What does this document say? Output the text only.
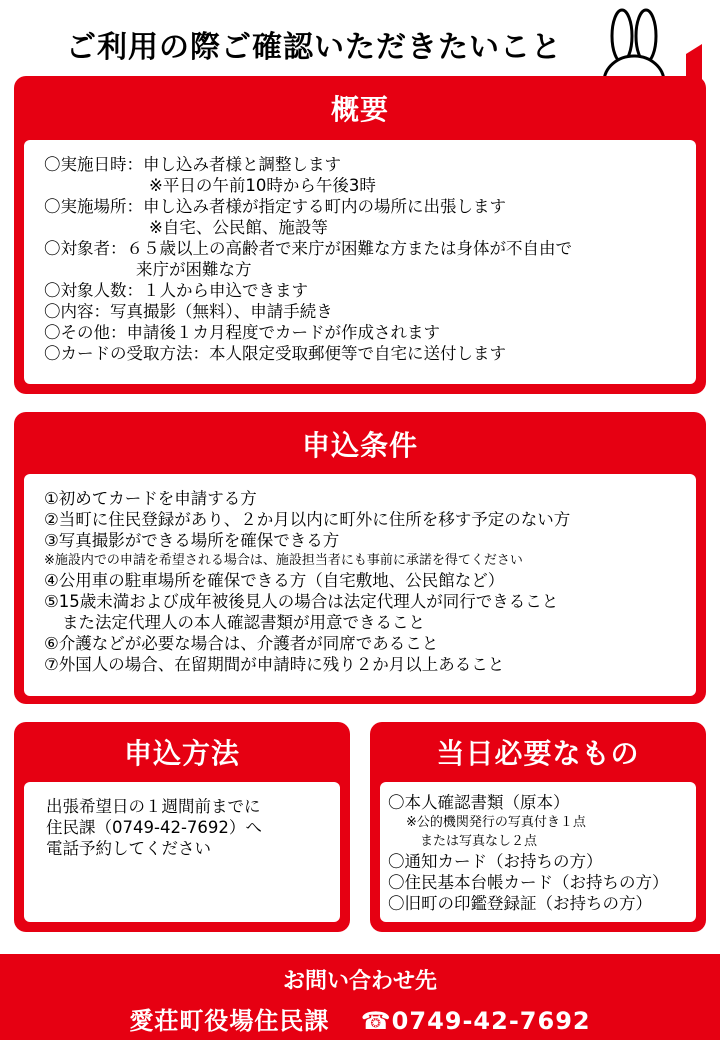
ご利用の際ご確認いただきたいこと
概要
〇実施日時：申し込み者様と調整します
※平日の午前10時から午後3時
〇実施場所：申し込み者様が指定する町内の場所に出張します
※自宅、公民館、施設等
〇対象者：６５歳以上の高齢者で来庁が困難な方または身体が不自由で
来庁が困難な方
〇対象人数：１人から申込できます
〇内容：写真撮影（無料）、申請手続き
〇その他：申請後１カ月程度でカードが作成されます
〇カードの受取方法：本人限定受取郵便等で自宅に送付します
申込条件
①初めてカードを申請する方
②当町に住民登録があり、２か月以内に町外に住所を移す予定のない方
③写真撮影ができる場所を確保できる方
※施設内での申請を希望される場合は、施設担当者にも事前に承諾を得てください
④公用車の駐車場所を確保できる方（自宅敷地、公民館など）
⑤15歳未満および成年被後見人の場合は法定代理人が同行できること
また法定代理人の本人確認書類が用意できること
⑥介護などが必要な場合は、介護者が同席であること
⑦外国人の場合、在留期間が申請時に残り２か月以上あること
申込方法
出張希望日の１週間前までに
住民課（0749-42-7692）へ
電話予約してください
当日必要なもの
〇本人確認書類（原本）
※公的機関発行の写真付き１点
または写真なし２点
〇通知カード（お持ちの方）
〇住民基本台帳カード（お持ちの方）
〇旧町の印鑑登録証（お持ちの方）
お問い合わせ先
愛荘町役場住民課 ☎0749-42-7692
